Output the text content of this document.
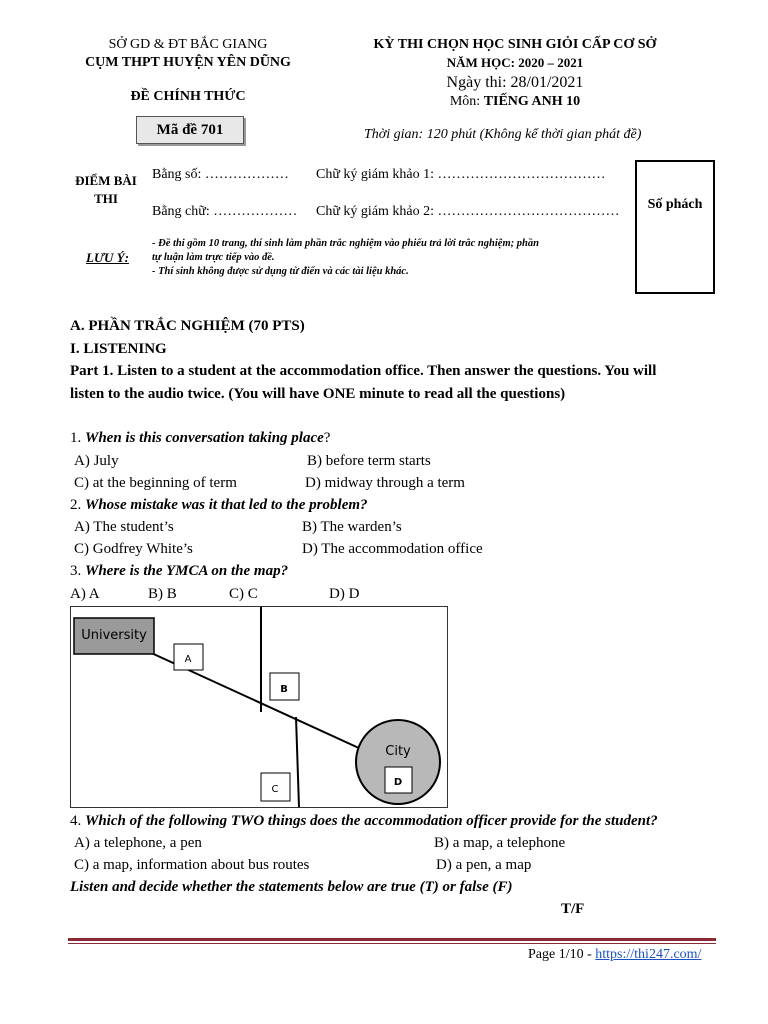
SỞ GD & ĐT BẮC GIANG
CỤM THPT HUYỆN YÊN DŨNG
ĐỀ CHÍNH THỨC
Mã đề 701
KỲ THI CHỌN HỌC SINH GIỎI CẤP CƠ SỞ
NĂM HỌC: 2020 – 2021
Ngày thi: 28/01/2021
Môn: TIẾNG ANH 10
Thời gian: 120 phút (Không kể thời gian phát đề)
ĐIỂM BÀI
THI
Bằng số: ……………… Chữ ký giám khảo 1: ………………………………
Bằng chữ: ……………… Chữ ký giám khảo 2: …………………………………
LƯU Ý:
- Đề thi gồm 10 trang, thí sinh làm phần trắc nghiệm vào phiếu trả lời trắc nghiệm; phần
tự luận làm trực tiếp vào đề.
- Thí sinh không được sử dụng từ điển và các tài liệu khác.
Số phách
A. PHẦN TRẮC NGHIỆM (70 PTS)
I. LISTENING
Part 1. Listen to a student at the accommodation office. Then answer the questions. You will
listen to the audio twice. (You will have ONE minute to read all the questions)
1. When is this conversation taking place?
A) July	B) before term starts
C) at the beginning of term	D) midway through a term
2. Whose mistake was it that led to the problem?
A) The student’s	B) The warden’s
C) Godfrey White’s	D) The accommodation office
3. Where is the YMCA on the map?
A) A	B) B	C) C	D) D
University
City
A
B
C
D
4. Which of the following TWO things does the accommodation officer provide for the student?
A) a telephone, a pen	B) a map, a telephone
C) a map, information about bus routes	D) a pen, a map
Listen and decide whether the statements below are true (T) or false (F)
T/F
Page 1/10 - https://thi247.com/
